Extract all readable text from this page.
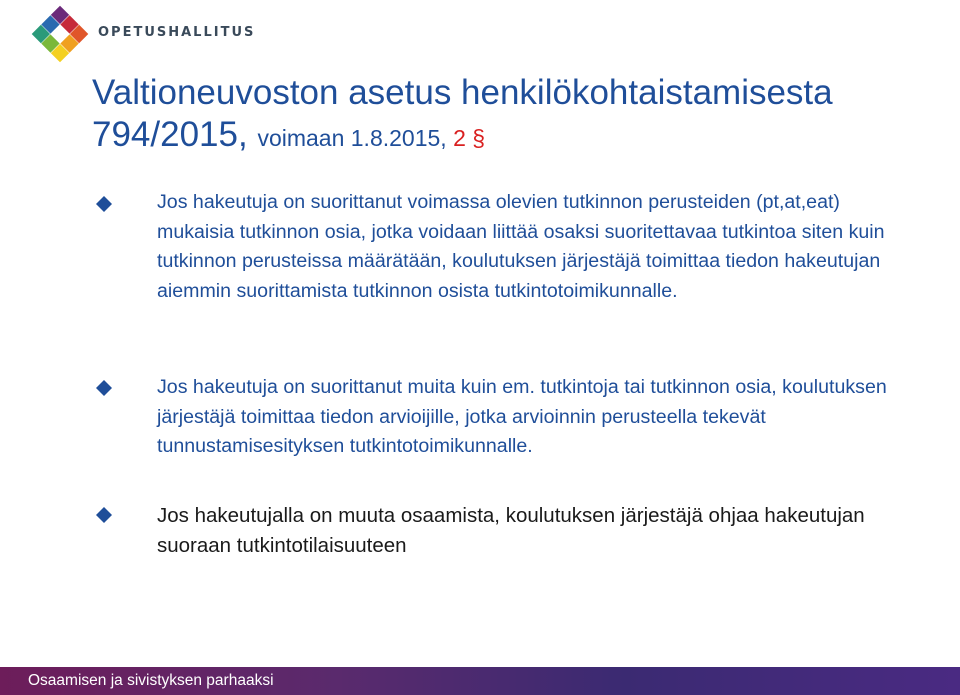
OPETUSHALLITUS
Valtioneuvoston asetus henkilökohtaistamisesta
794/2015, voimaan 1.8.2015, 2 §
Jos hakeutuja on suorittanut voimassa olevien tutkinnon perusteiden (pt,at,eat) mukaisia tutkinnon osia, jotka voidaan liittää osaksi suoritettavaa tutkintoa siten kuin tutkinnon perusteissa määrätään, koulutuksen järjestäjä toimittaa tiedon hakeutujan aiemmin suorittamista tutkinnon osista tutkintotoimikunnalle.
Jos hakeutuja on suorittanut muita kuin em. tutkintoja tai tutkinnon osia, koulutuksen järjestäjä toimittaa tiedon arvioijille, jotka arvioinnin perusteella tekevät tunnustamisesityksen tutkintotoimikunnalle.
Jos hakeutujalla on muuta osaamista, koulutuksen järjestäjä ohjaa hakeutujan suoraan tutkintotilaisuuteen
Osaamisen ja sivistyksen parhaaksi
